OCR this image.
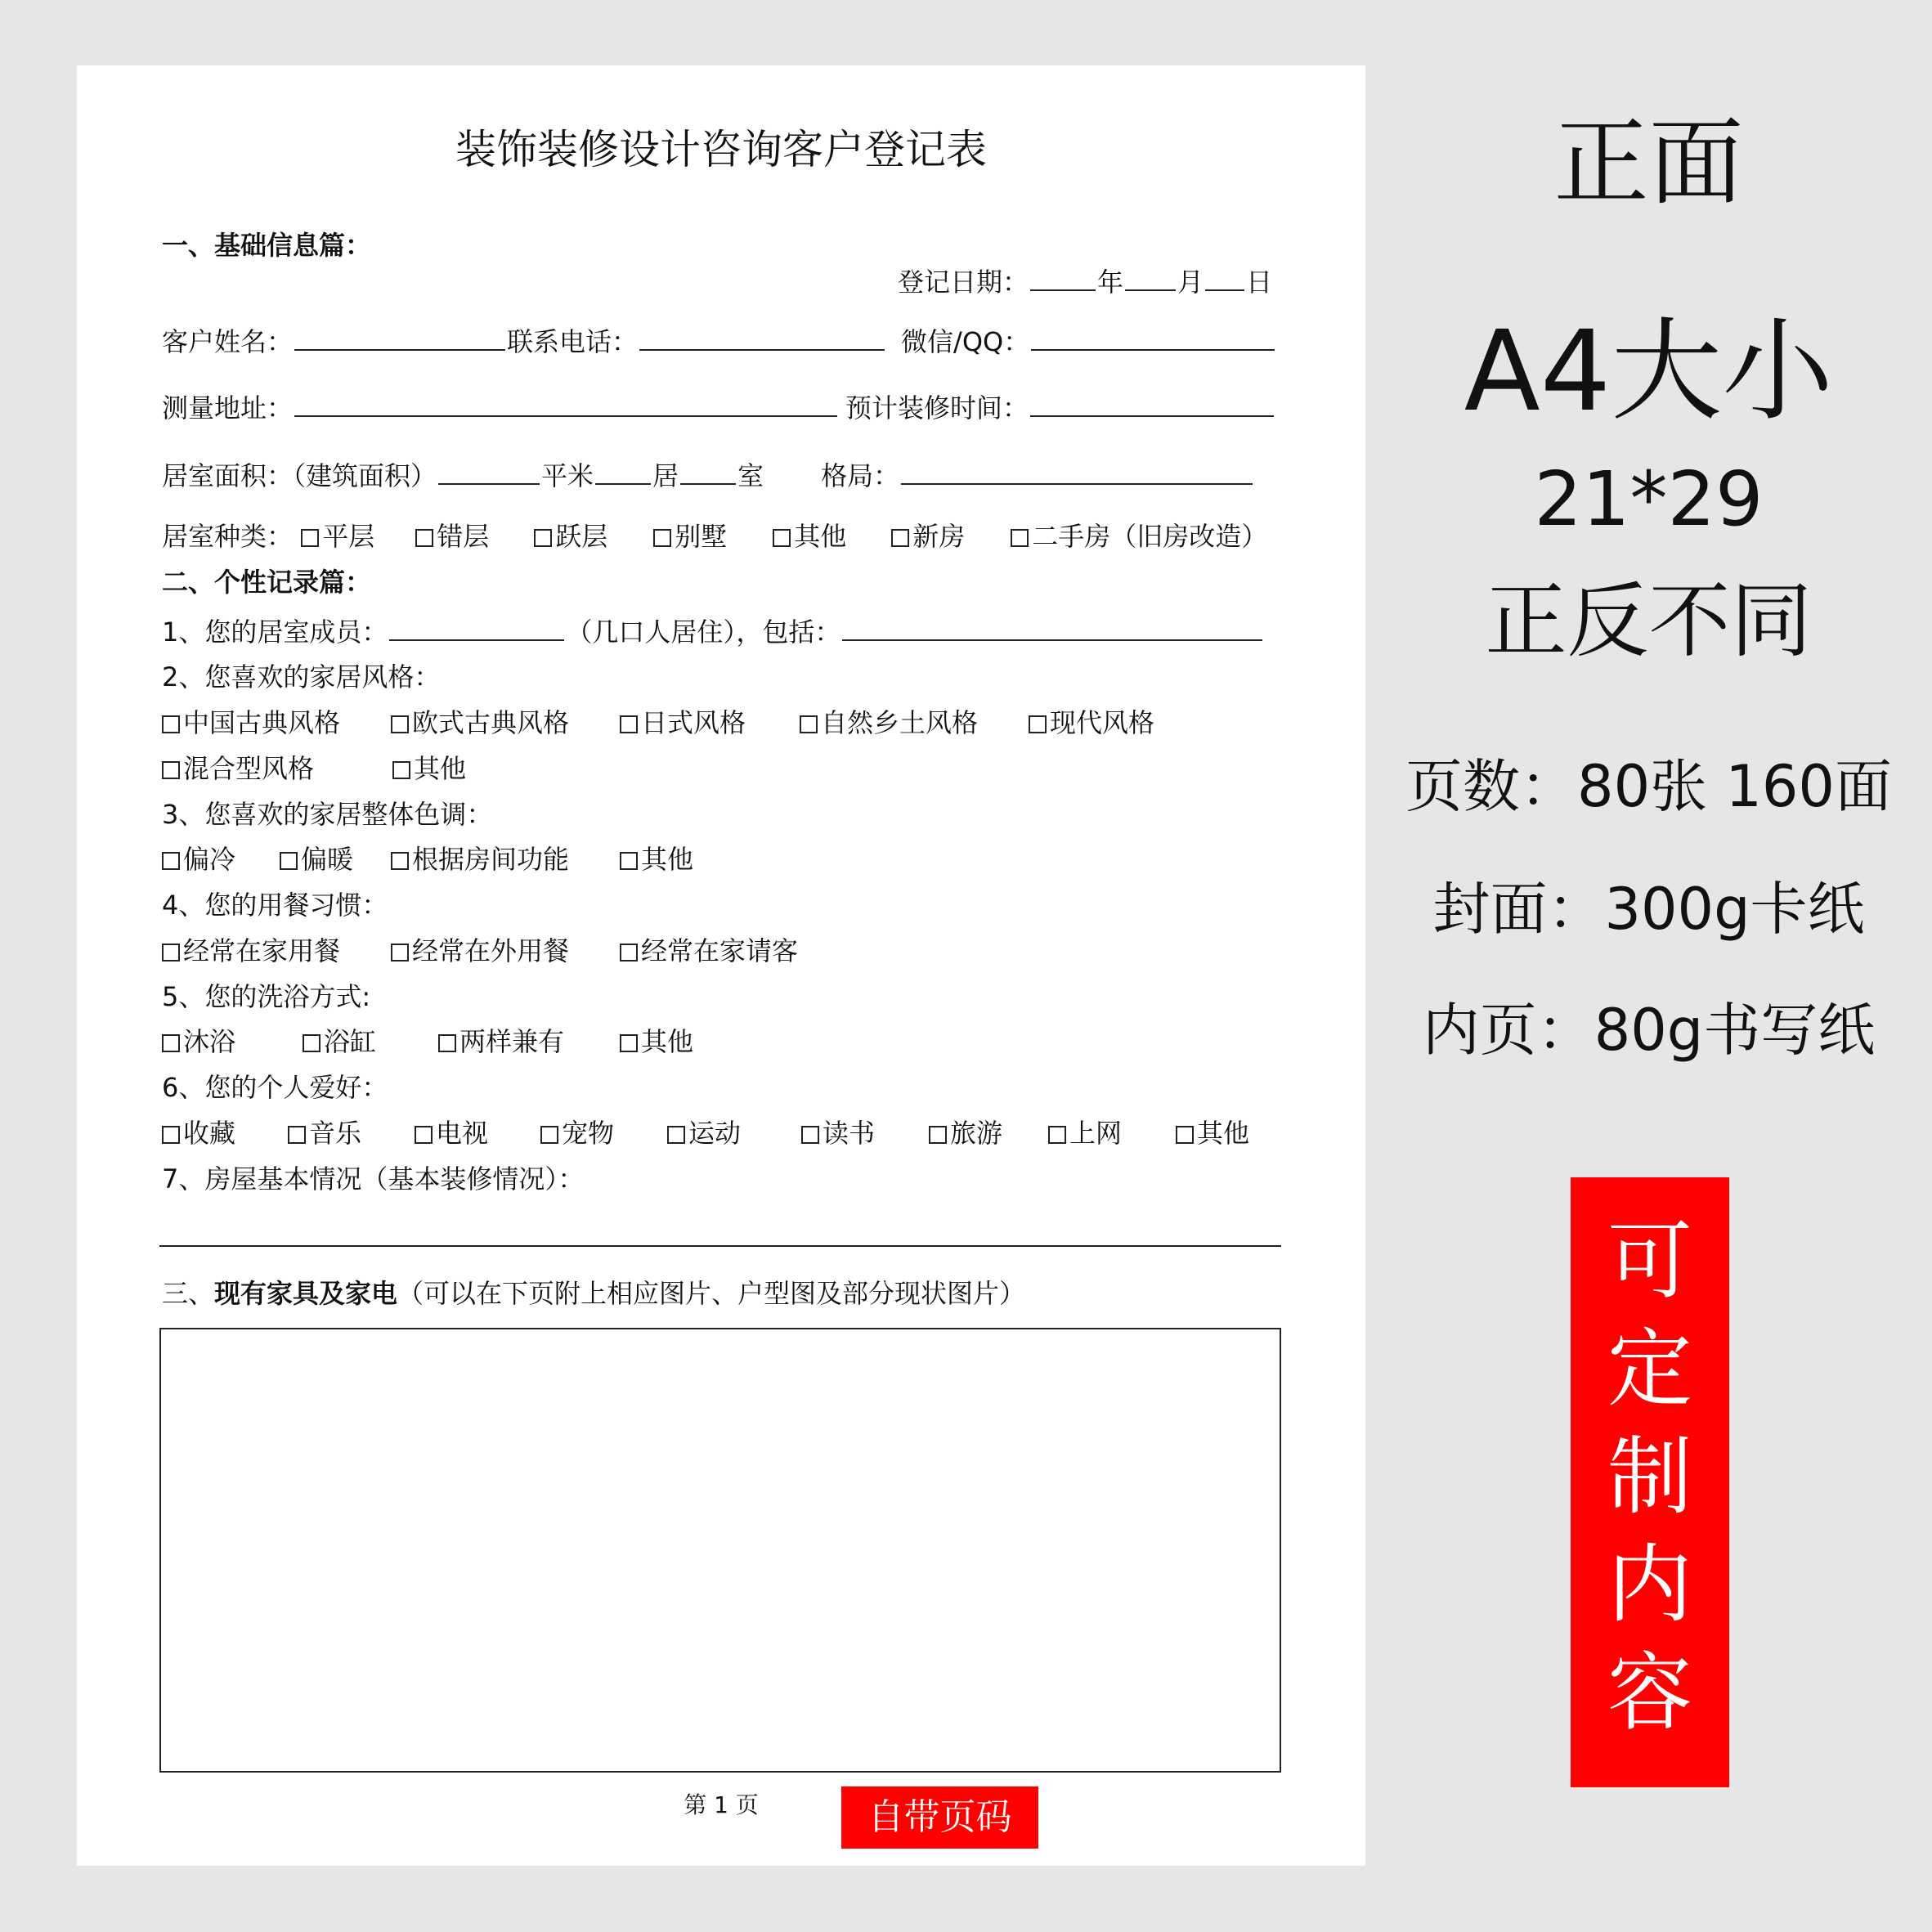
装饰装修设计咨询客户登记表
一、基础信息篇：
登记日期：	年 月 日
客户姓名：	联系电话：	微信/QQ：
测量地址：	预计装修时间：
居室面积：（建筑面积）	平米 居 室 格局：
居室种类： 平层 错层	跃层	别墅	其他	新房	二手房（旧房改造）
二、个性记录篇：
1、您的居室成员：	（几口人居住），包括：
2、您喜欢的家居风格：
中国古典风格	欧式古典风格	日式风格	自然乡土风格	现代风格
混合型风格	其他
3、您喜欢的家居整体色调：
偏冷 偏暖 根据房间功能	其他
4、您的用餐习惯：
经常在家用餐	经常在外用餐	经常在家请客
5、您的洗浴方式:
沐浴	浴缸	两样兼有	其他
6、您的个人爱好：
收藏	音乐	电视	宠物	运动	读书	旅游	上网	其他
7、房屋基本情况（基本装修情况）：
三、现有家具及家电（可以在下页附上相应图片、户型图及部分现状图片）
第 1 页	自带页码
正面
A4大小
21*29
正反不同
页数：80张 160面
封面：300g卡纸
内页：80g书写纸
可
定
制
内
容
